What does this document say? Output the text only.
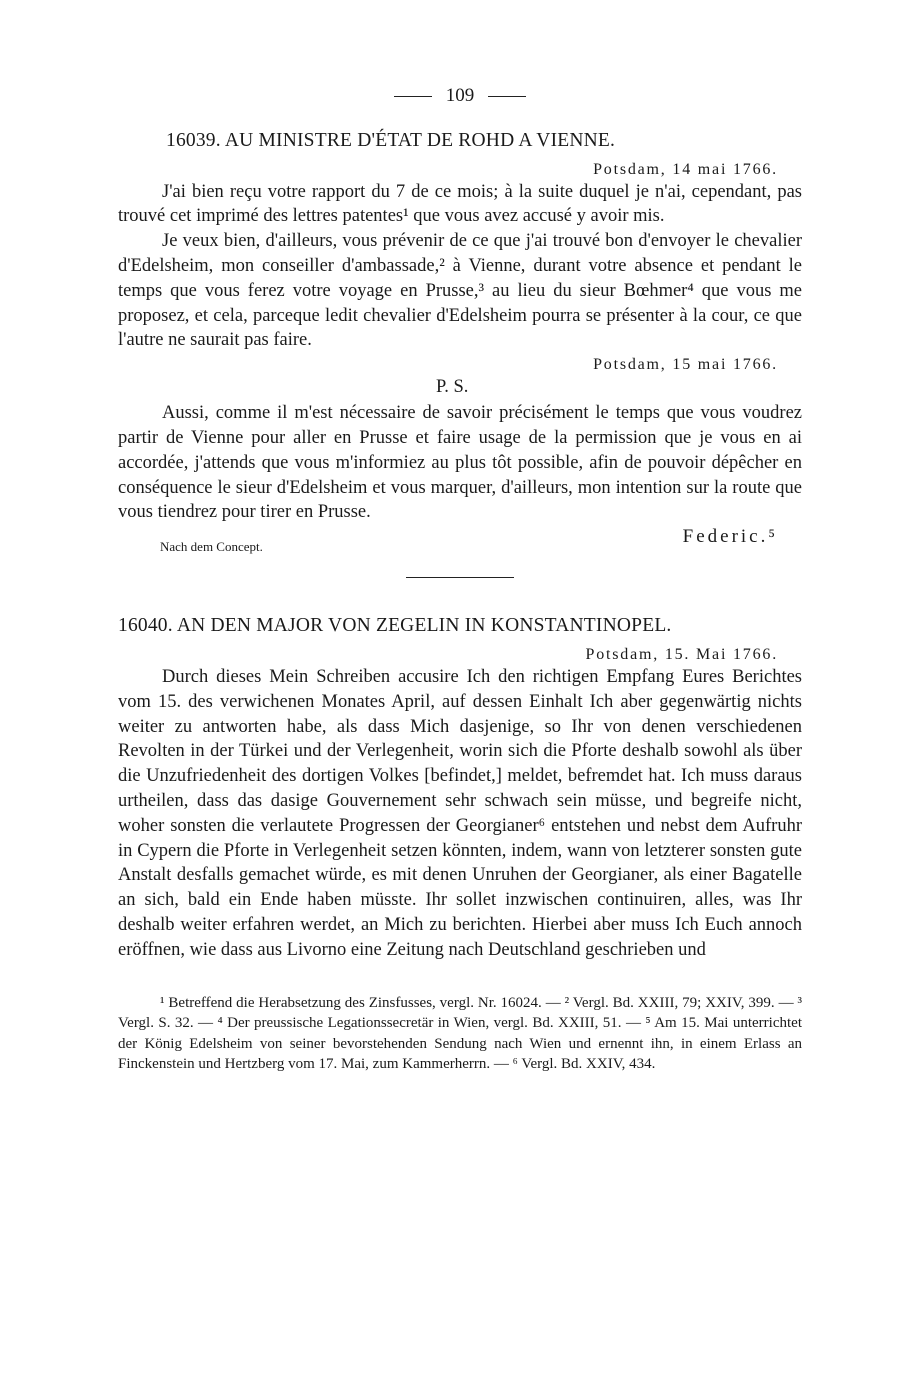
109
16039. AU MINISTRE D'ÉTAT DE ROHD A VIENNE.
Potsdam, 14 mai 1766.

J'ai bien reçu votre rapport du 7 de ce mois; à la suite duquel je n'ai, cependant, pas trouvé cet imprimé des lettres patentes¹ que vous avez accusé y avoir mis.

Je veux bien, d'ailleurs, vous prévenir de ce que j'ai trouvé bon d'envoyer le chevalier d'Edelsheim, mon conseiller d'ambassade,² à Vienne, durant votre absence et pendant le temps que vous ferez votre voyage en Prusse,³ au lieu du sieur Bœhmer⁴ que vous me proposez, et cela, parceque ledit chevalier d'Edelsheim pourra se présenter à la cour, ce que l'autre ne saurait pas faire.

P. S.
Potsdam, 15 mai 1766.

Aussi, comme il m'est nécessaire de savoir précisément le temps que vous voudrez partir de Vienne pour aller en Prusse et faire usage de la permission que je vous en ai accordée, j'attends que vous m'informiez au plus tôt possible, afin de pouvoir dépêcher en conséquence le sieur d'Edelsheim et vous marquer, d'ailleurs, mon intention sur la route que vous tiendrez pour tirer en Prusse.

Nach dem Concept.	Federic.⁵
16040. AN DEN MAJOR VON ZEGELIN IN KONSTANTINOPEL.
Potsdam, 15. Mai 1766.

Durch dieses Mein Schreiben accusire Ich den richtigen Empfang Eures Berichtes vom 15. des verwichenen Monates April, auf dessen Einhalt Ich aber gegenwärtig nichts weiter zu antworten habe, als dass Mich dasjenige, so Ihr von denen verschiedenen Revolten in der Türkei und der Verlegenheit, worin sich die Pforte deshalb sowohl als über die Unzufriedenheit des dortigen Volkes [befindet,] meldet, befremdet hat. Ich muss daraus urtheilen, dass das dasige Gouvernement sehr schwach sein müsse, und begreife nicht, woher sonsten die verlautete Progressen der Georgianer⁶ entstehen und nebst dem Aufruhr in Cypern die Pforte in Verlegenheit setzen könnten, indem, wann von letzterer sonsten gute Anstalt desfalls gemachet würde, es mit denen Unruhen der Georgianer, als einer Bagatelle an sich, bald ein Ende haben müsste. Ihr sollet inzwischen continuiren, alles, was Ihr deshalb weiter erfahren werdet, an Mich zu berichten. Hierbei aber muss Ich Euch annoch eröffnen, wie dass aus Livorno eine Zeitung nach Deutschland geschrieben und

¹ Betreffend die Herabsetzung des Zinsfusses, vergl. Nr. 16024. — ² Vergl. Bd. XXIII, 79; XXIV, 399. — ³ Vergl. S. 32. — ⁴ Der preussische Legationssecretär in Wien, vergl. Bd. XXIII, 51. — ⁵ Am 15. Mai unterrichtet der König Edelsheim von seiner bevorstehenden Sendung nach Wien und ernennt ihn, in einem Erlass an Finckenstein und Hertzberg vom 17. Mai, zum Kammerherrn. — ⁶ Vergl. Bd. XXIV, 434.
